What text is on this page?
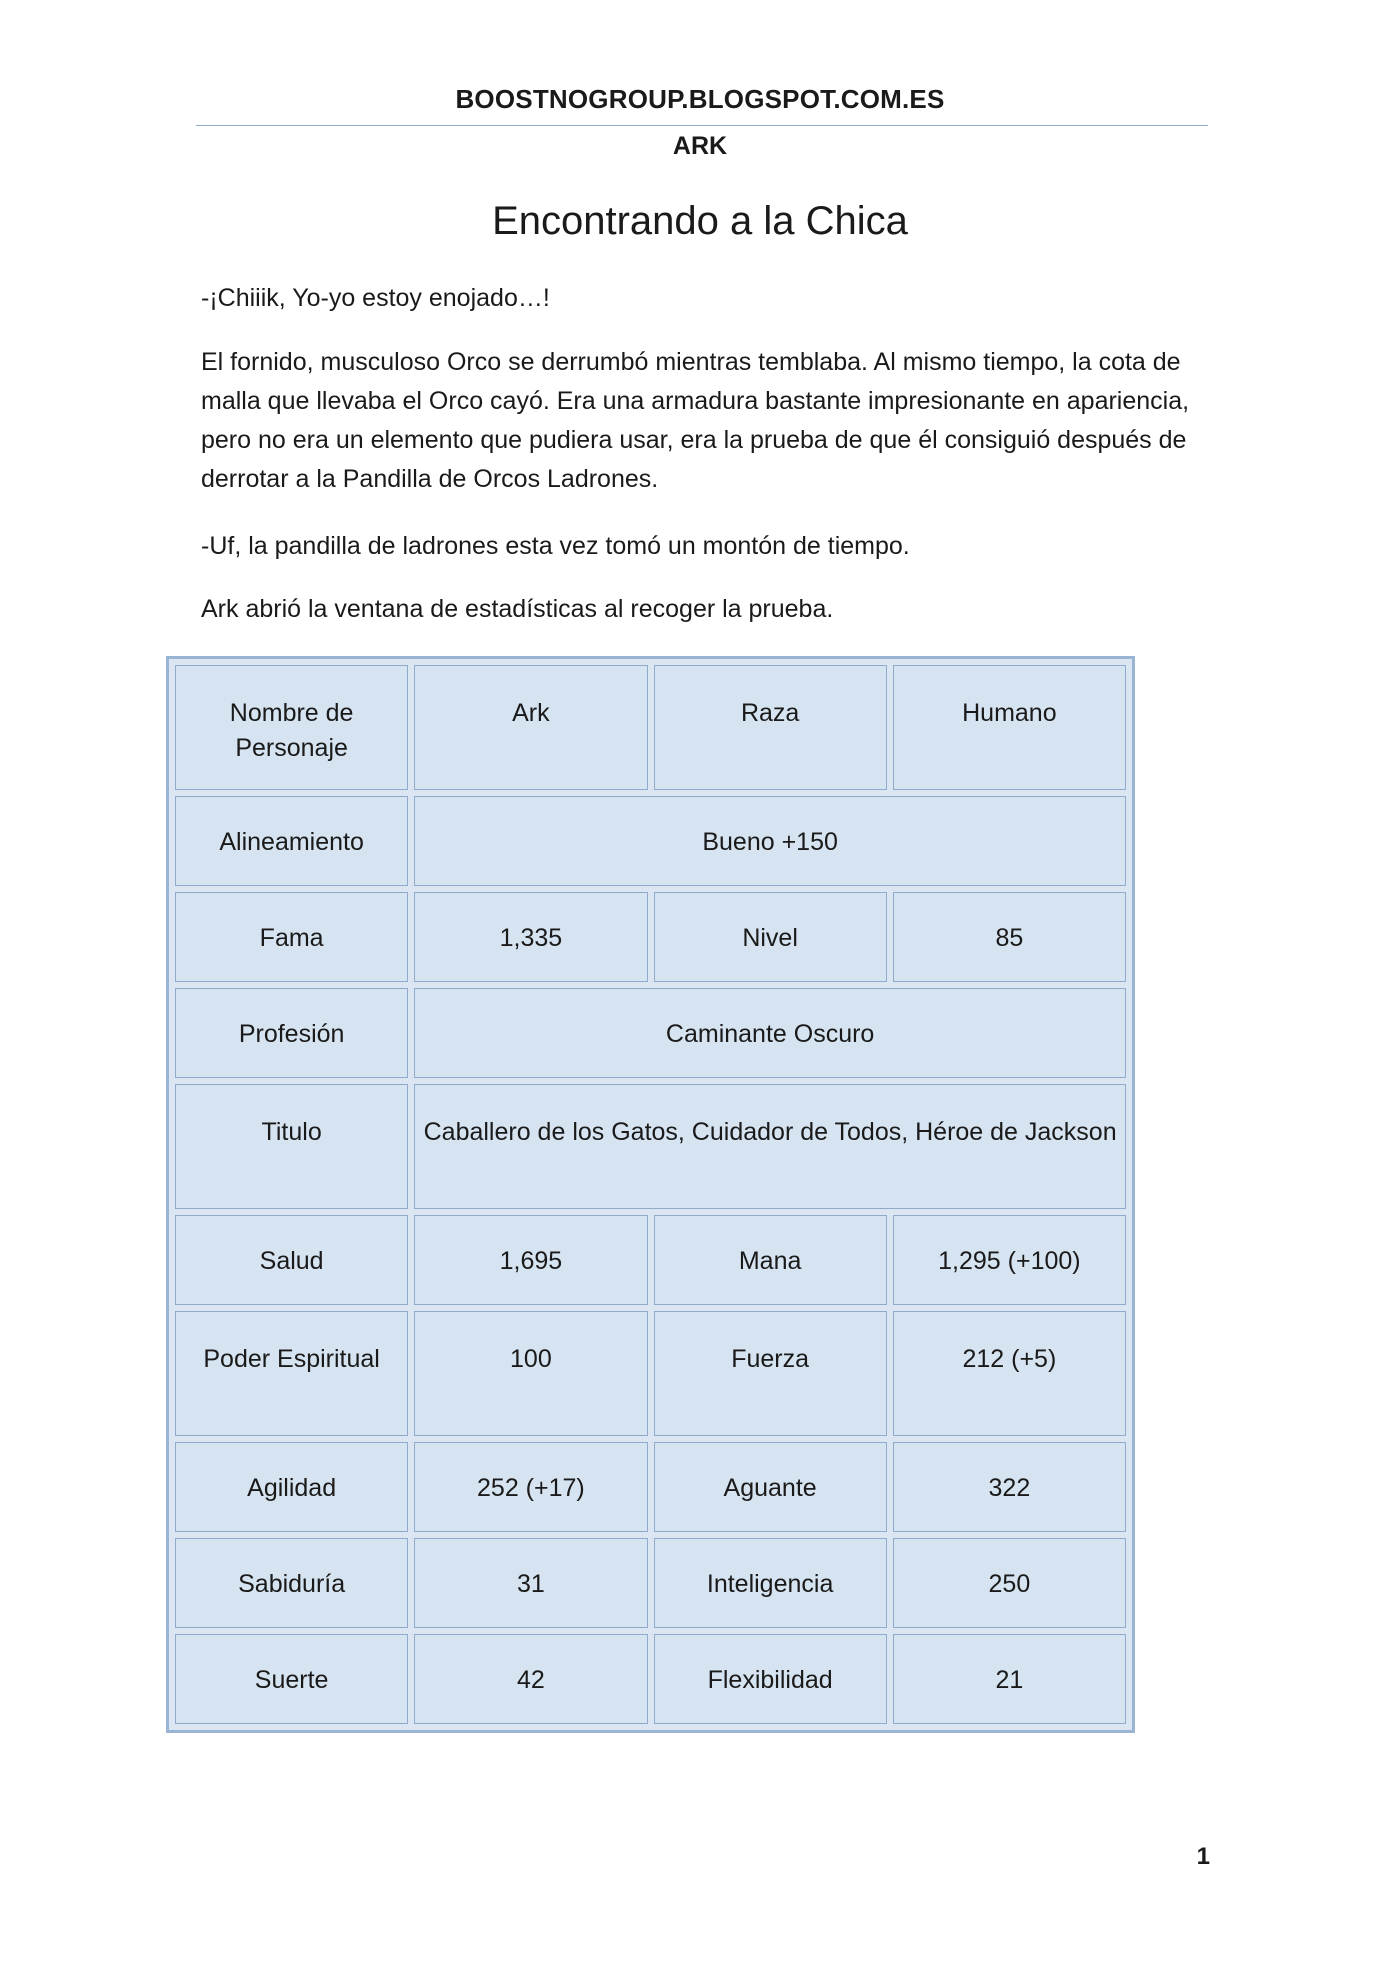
BOOSTNOGROUP.BLOGSPOT.COM.ES
ARK
Encontrando a la Chica

-¡Chiiik, Yo-yo estoy enojado…!

El fornido, musculoso Orco se derrumbó mientras temblaba. Al mismo tiempo, la cota de malla que llevaba el Orco cayó. Era una armadura bastante impresionante en apariencia, pero no era un elemento que pudiera usar, era la prueba de que él consiguió después de derrotar a la Pandilla de Orcos Ladrones.

-Uf, la pandilla de ladrones esta vez tomó un montón de tiempo.

Ark abrió la ventana de estadísticas al recoger la prueba.

Nombre de Personaje	Ark	Raza	Humano
Alineamiento	Bueno +150		
Fama	1,335	Nivel	85
Profesión	Caminante Oscuro		
Titulo	Caballero de los Gatos, Cuidador de Todos, Héroe de Jackson		
Salud	1,695	Mana	1,295 (+100)
Poder Espiritual	100	Fuerza	212 (+5)
Agilidad	252 (+17)	Aguante	322
Sabiduría	31	Inteligencia	250
Suerte	42	Flexibilidad	21
1
